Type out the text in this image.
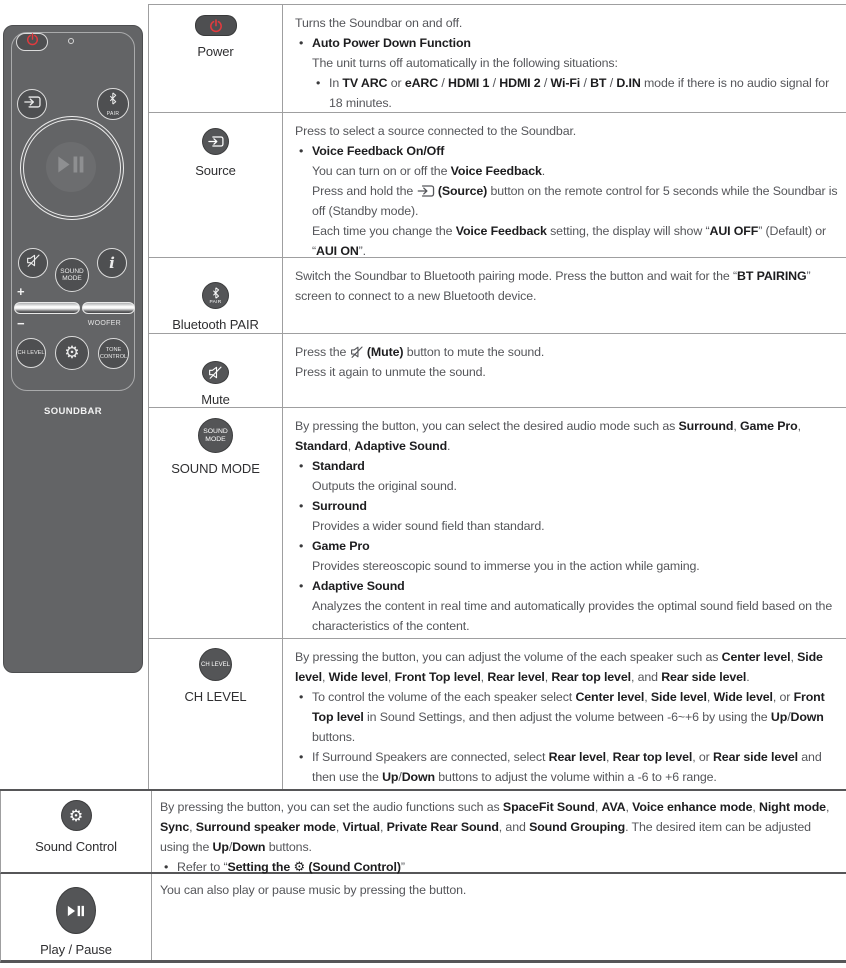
PAIR
SOUND
MODE
i
+
−	WOOFER
CH LEVEL ⚙	TONE
CONTROL
SOUNDBAR
Power
Turns the Soundbar on and off.
• Auto Power Down Function
The unit turns off automatically in the following situations:
• In TV ARC or eARC / HDMI 1 / HDMI 2 / Wi-Fi / BT / D.IN mode if there is no audio signal for 18 minutes.
Source
Press to select a source connected to the Soundbar.
• Voice Feedback On/Off
You can turn on or off the Voice Feedback.
Press and hold the  (Source) button on the remote control for 5 seconds while the Soundbar is off (Standby mode).
Each time you change the Voice Feedback setting, the display will show “AUI OFF” (Default) or “AUI ON”.
PAIR
Bluetooth PAIR
Switch the Soundbar to Bluetooth pairing mode. Press the button and wait for the “BT PAIRING” screen to connect to a new Bluetooth device.
Mute
Press the  (Mute) button to mute the sound.
Press it again to unmute the sound.
SOUND
MODE
SOUND MODE
By pressing the button, you can select the desired audio mode such as Surround, Game Pro, Standard, Adaptive Sound.
• Standard
Outputs the original sound.
• Surround
Provides a wider sound field than standard.
• Game Pro
Provides stereoscopic sound to immerse you in the action while gaming.
• Adaptive Sound
Analyzes the content in real time and automatically provides the optimal sound field based on the characteristics of the content.
CH LEVEL
CH LEVEL
By pressing the button, you can adjust the volume of the each speaker such as Center level, Side level, Wide level, Front Top level, Rear level, Rear top level, and Rear side level.
• To control the volume of the each speaker select Center level, Side level, Wide level, or Front Top level in Sound Settings, and then adjust the volume between -6~+6 by using the Up/Down buttons.
• If Surround Speakers are connected, select Rear level, Rear top level, or Rear side level and then use the Up/Down buttons to adjust the volume within a -6 to +6 range.
⚙
Sound Control
By pressing the button, you can set the audio functions such as SpaceFit Sound, AVA, Voice enhance mode, Night mode, Sync, Surround speaker mode, Virtual, Private Rear Sound, and Sound Grouping. The desired item can be adjusted using the Up/Down buttons.
• Refer to “Setting the ⚙ (Sound Control)”
Play / Pause
You can also play or pause music by pressing the button.
